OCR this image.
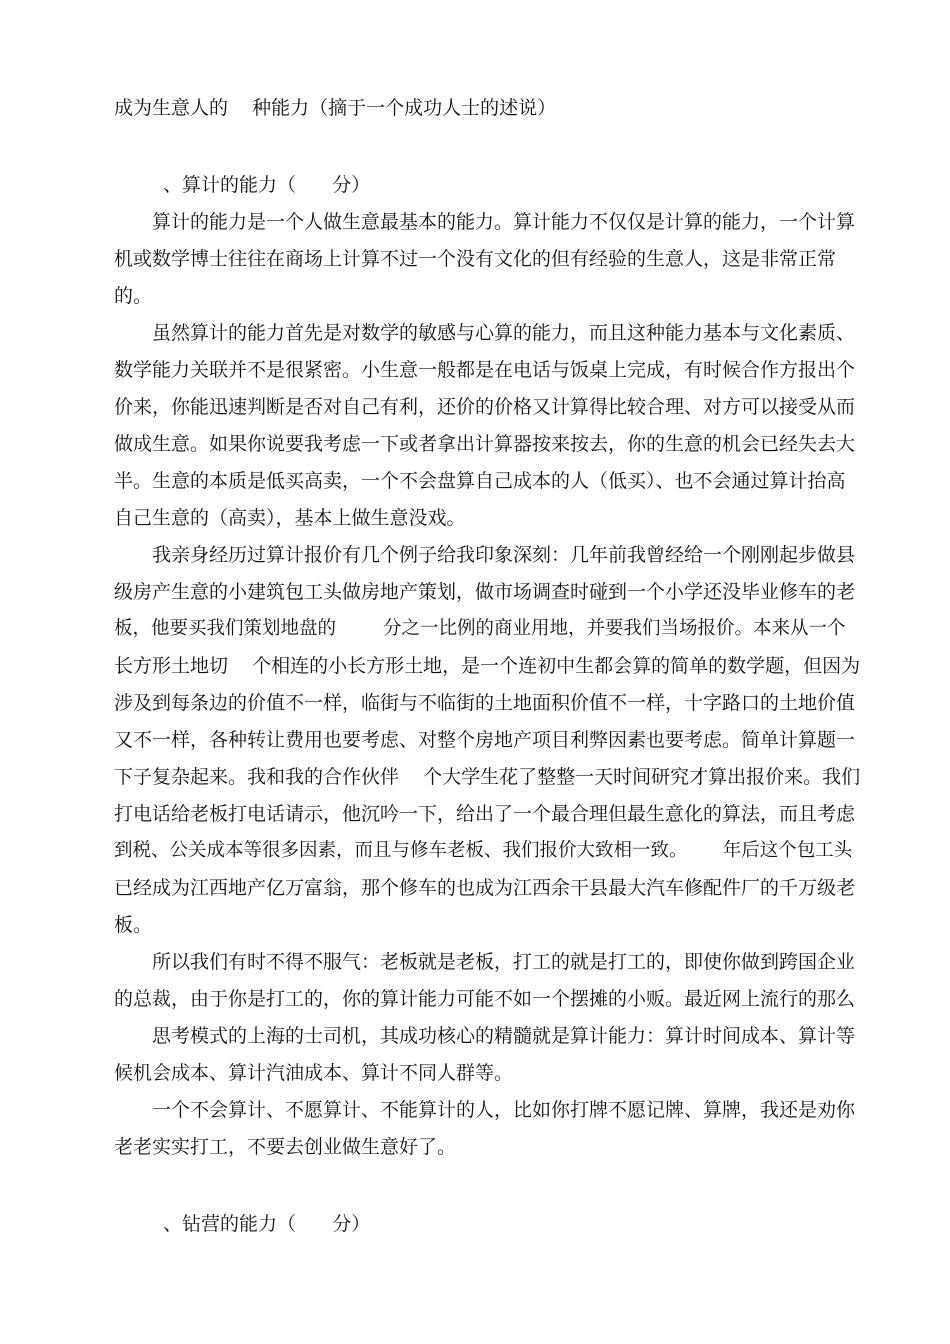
成为生意人的    种能力（摘于一个成功人士的述说）

、算计的能力（      分）

算计的能力是一个人做生意最基本的能力。算计能力不仅仅是计算的能力，一个计算

机或数学博士往往在商场上计算不过一个没有文化的但有经验的生意人，这是非常正常

的。

虽然算计的能力首先是对数学的敏感与心算的能力，而且这种能力基本与文化素质、

数学能力关联并不是很紧密。小生意一般都是在电话与饭桌上完成，有时候合作方报出个

价来，你能迅速判断是否对自己有利，还价的价格又计算得比较合理、对方可以接受从而

做成生意。如果你说要我考虑一下或者拿出计算器按来按去，你的生意的机会已经失去大

半。生意的本质是低买高卖，一个不会盘算自己成本的人（低买）、也不会通过算计抬高

自己生意的（高卖），基本上做生意没戏。

我亲身经历过算计报价有几个例子给我印象深刻：几年前我曾经给一个刚刚起步做县

级房产生意的小建筑包工头做房地产策划，做市场调查时碰到一个小学还没毕业修车的老

板，他要买我们策划地盘的        分之一比例的商业用地，并要我们当场报价。本来从一个

长方形土地切    个相连的小长方形土地，是一个连初中生都会算的简单的数学题，但因为

涉及到每条边的价值不一样，临街与不临街的土地面积价值不一样，十字路口的土地价值

又不一样，各种转让费用也要考虑、对整个房地产项目利弊因素也要考虑。简单计算题一

下子复杂起来。我和我的合作伙伴    个大学生花了整整一天时间研究才算出报价来。我们

打电话给老板打电话请示，他沉吟一下，给出了一个最合理但最生意化的算法，而且考虑

到税、公关成本等很多因素，而且与修车老板、我们报价大致相一致。      年后这个包工头

已经成为江西地产亿万富翁，那个修车的也成为江西余干县最大汽车修配件厂的千万级老

板。

所以我们有时不得不服气：老板就是老板，打工的就是打工的，即使你做到跨国企业

的总裁，由于你是打工的，你的算计能力可能不如一个摆摊的小贩。最近网上流行的那么

思考模式的上海的士司机，其成功核心的精髓就是算计能力：算计时间成本、算计等

候机会成本、算计汽油成本、算计不同人群等。

一个不会算计、不愿算计、不能算计的人，比如你打牌不愿记牌、算牌，我还是劝你

老老实实打工，不要去创业做生意好了。

、钻营的能力（      分）
